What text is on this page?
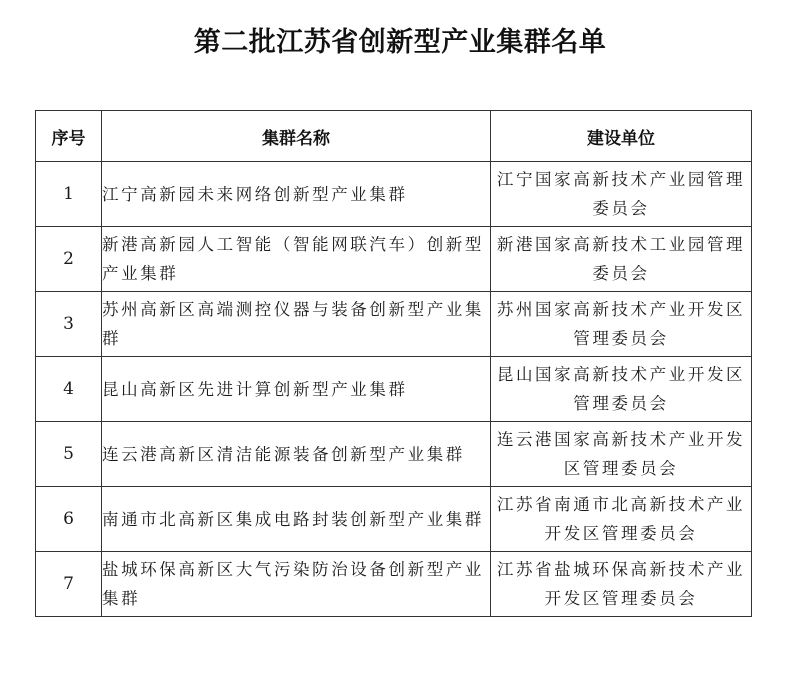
第二批江苏省创新型产业集群名单
序号	集群名称	建设单位
1	江宁高新园未来网络创新型产业集群	江宁国家高新技术产业园管理委员会

2	新港高新园人工智能（智能网联汽车）创新型产业集群	新港国家高新技术工业园管理委员会

3	苏州高新区高端测控仪器与装备创新型产业集群	苏州国家高新技术产业开发区管理委员会

4	昆山高新区先进计算创新型产业集群	昆山国家高新技术产业开发区管理委员会

5	连云港高新区清洁能源装备创新型产业集群	连云港国家高新技术产业开发区管理委员会

6	南通市北高新区集成电路封装创新型产业集群	江苏省南通市北高新技术产业开发区管理委员会

7	盐城环保高新区大气污染防治设备创新型产业集群	江苏省盐城环保高新技术产业开发区管理委员会
